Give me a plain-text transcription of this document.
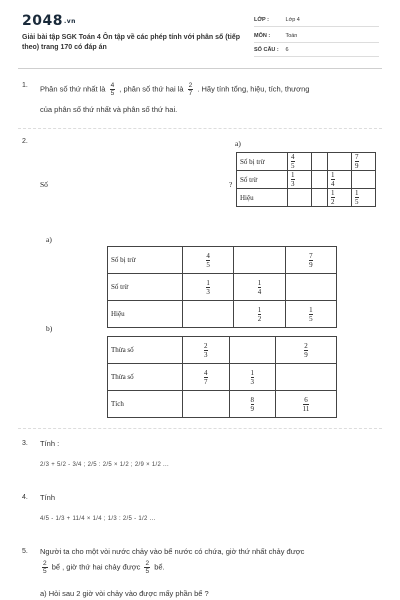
2048.vn
Giải bài tập SGK Toán 4 Ôn tập về các phép tính với phân số (tiếp theo) trang 170 có đáp án
LỚP :	Lớp 4
MÔN :	Toán
SỐ CÂU : 6
1. Phân số thứ nhất là $\frac{4}{5}$ , phân số thứ hai là $\frac{2}{7}$ . Hãy tính tổng, hiệu, tích, thương
của phân số thứ nhất và phân số thứ hai.
2.	a)
Số	?
Số bị trừ	$\frac{4}{5}$			$\frac{7}{9}$

Số trừ	$\frac{1}{3}$		$\frac{1}{4}$

Hiệu			$\frac{1}{2}$	$\frac{1}{5}$
a)
Số bị trừ	$\frac{4}{5}$		$\frac{7}{9}$

Số trừ	$\frac{1}{3}$	$\frac{1}{4}$

Hiệu		$\frac{1}{2}$	$\frac{1}{5}$
b)
Thừa số	$\frac{2}{3}$		$\frac{2}{9}$

Thừa số	$\frac{4}{7}$	$\frac{1}{3}$

Tích		$\frac{8}{9}$	$\frac{6}{11}$
3. Tính :
2/3 + 5/2 - 3/4 ; 2/5 : 2/5 × 1/2 ; 2/9 × 1/2 ...
4. Tính
4/5 - 1/3 + 11/4 × 1/4 ; 1/3 : 2/5 - 1/2 ...
5. Người ta cho một vòi nước chảy vào bể nước có chứa, giờ thứ nhất chảy được
$\frac{2}{5}$ bể , giờ thứ hai chảy được $\frac{2}{5}$ bể.
a) Hỏi sau 2 giờ vòi chảy vào được mấy phần bể ?
